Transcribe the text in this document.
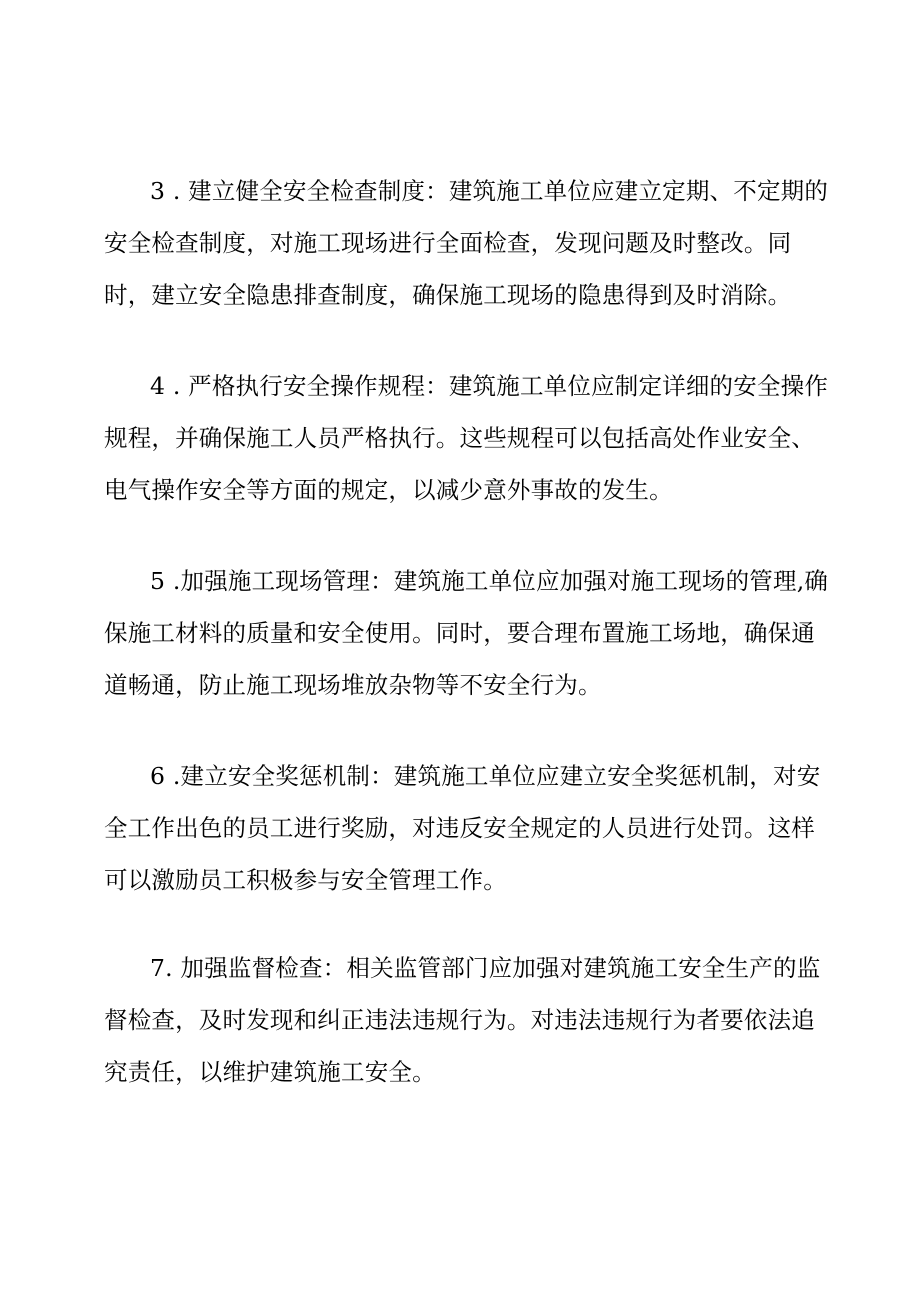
3 . 建立健全安全检查制度：建筑施工单位应建立定期、不定期的
安全检查制度，对施工现场进行全面检查，发现问题及时整改。同
时，建立安全隐患排查制度，确保施工现场的隐患得到及时消除。

4 . 严格执行安全操作规程：建筑施工单位应制定详细的安全操作
规程，并确保施工人员严格执行。这些规程可以包括高处作业安全、
电气操作安全等方面的规定，以减少意外事故的发生。

5 .加强施工现场管理：建筑施工单位应加强对施工现场的管理,确
保施工材料的质量和安全使用。同时，要合理布置施工场地，确保通
道畅通，防止施工现场堆放杂物等不安全行为。

6 .建立安全奖惩机制：建筑施工单位应建立安全奖惩机制，对安
全工作出色的员工进行奖励，对违反安全规定的人员进行处罚。这样
可以激励员工积极参与安全管理工作。

7. 加强监督检查：相关监管部门应加强对建筑施工安全生产的监
督检查，及时发现和纠正违法违规行为。对违法违规行为者要依法追
究责任，以维护建筑施工安全。
